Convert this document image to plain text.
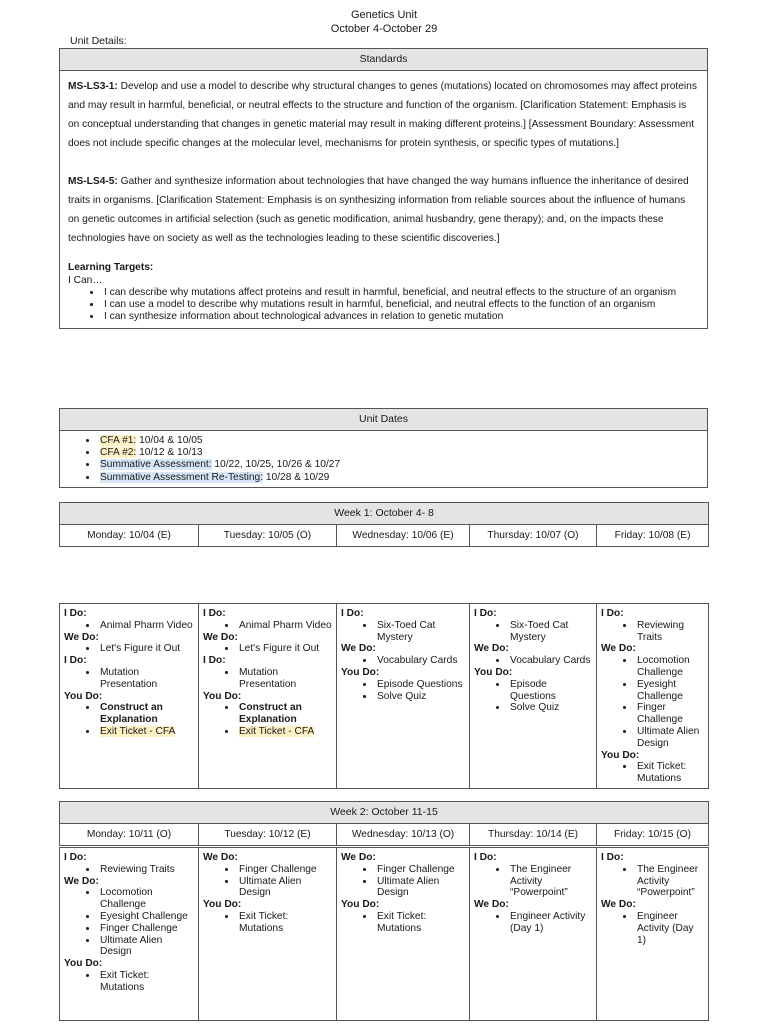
Genetics Unit
October 4-October 29
Unit Details:
Standards

MS-LS3-1: Develop and use a model to describe why structural changes to genes (mutations) located on chromosomes may affect proteins and may result in harmful, beneficial, or neutral effects to the structure and function of the organism. [Clarification Statement: Emphasis is on conceptual understanding that changes in genetic material may result in making different proteins.] [Assessment Boundary: Assessment does not include specific changes at the molecular level, mechanisms for protein synthesis, or specific types of mutations.]

MS-LS4-5: Gather and synthesize information about technologies that have changed the way humans influence the inheritance of desired traits in organisms. [Clarification Statement: Emphasis is on synthesizing information from reliable sources about the influence of humans on genetic outcomes in artificial selection (such as genetic modification, animal husbandry, gene therapy); and, on the impacts these technologies have on society as well as the technologies leading to these scientific discoveries.]

Learning Targets:
I Can…
• I can describe why mutations affect proteins and result in harmful, beneficial, and neutral effects to the structure of an organism
• I can use a model to describe why mutations result in harmful, beneficial, and neutral effects to the function of an organism
• I can synthesize information about technological advances in relation to genetic mutation
Unit Dates

• CFA #1: 10/04 & 10/05
• CFA #2: 10/12 & 10/13
• Summative Assessment: 10/22, 10/25, 10/26 & 10/27
• Summative Assessment Re-Testing: 10/28 & 10/29
Week 1: October 4- 8
Monday: 10/04 (E)	Tuesday: 10/05 (O)	Wednesday: 10/06 (E)	Thursday: 10/07 (O)	Friday: 10/08 (E)
I Do:
• Animal Pharm Video
We Do:
• Let's Figure it Out
I Do:
• Mutation Presentation
You Do:
• Construct an Explanation
• Exit Ticket - CFA

I Do:
• Animal Pharm Video
We Do:
• Let's Figure it Out
I Do:
• Mutation Presentation
You Do:
• Construct an Explanation
• Exit Ticket - CFA

I Do:
• Six-Toed Cat Mystery
We Do:
• Vocabulary Cards
You Do:
• Episode Questions
• Solve Quiz

I Do:
• Six-Toed Cat Mystery
We Do:
• Vocabulary Cards
You Do:
• Episode Questions
• Solve Quiz

I Do:
• Reviewing Traits
We Do:
• Locomotion Challenge
• Eyesight Challenge
• Finger Challenge
• Ultimate Alien Design
You Do:
• Exit Ticket: Mutations
Week 2: October 11-15
Monday: 10/11 (O)	Tuesday: 10/12 (E)	Wednesday: 10/13 (O)	Thursday: 10/14 (E)	Friday: 10/15 (O)
I Do:
• Reviewing Traits
We Do:
• Locomotion Challenge
• Eyesight Challenge
• Finger Challenge
• Ultimate Alien Design
You Do:
• Exit Ticket: Mutations

We Do:
• Finger Challenge
• Ultimate Alien Design
You Do:
• Exit Ticket: Mutations

We Do:
• Finger Challenge
• Ultimate Alien Design
You Do:
• Exit Ticket: Mutations

I Do:
• The Engineer Activity “Powerpoint”
We Do:
• Engineer Activity (Day 1)

I Do:
• The Engineer Activity “Powerpoint”
We Do:
• Engineer Activity (Day 1)
